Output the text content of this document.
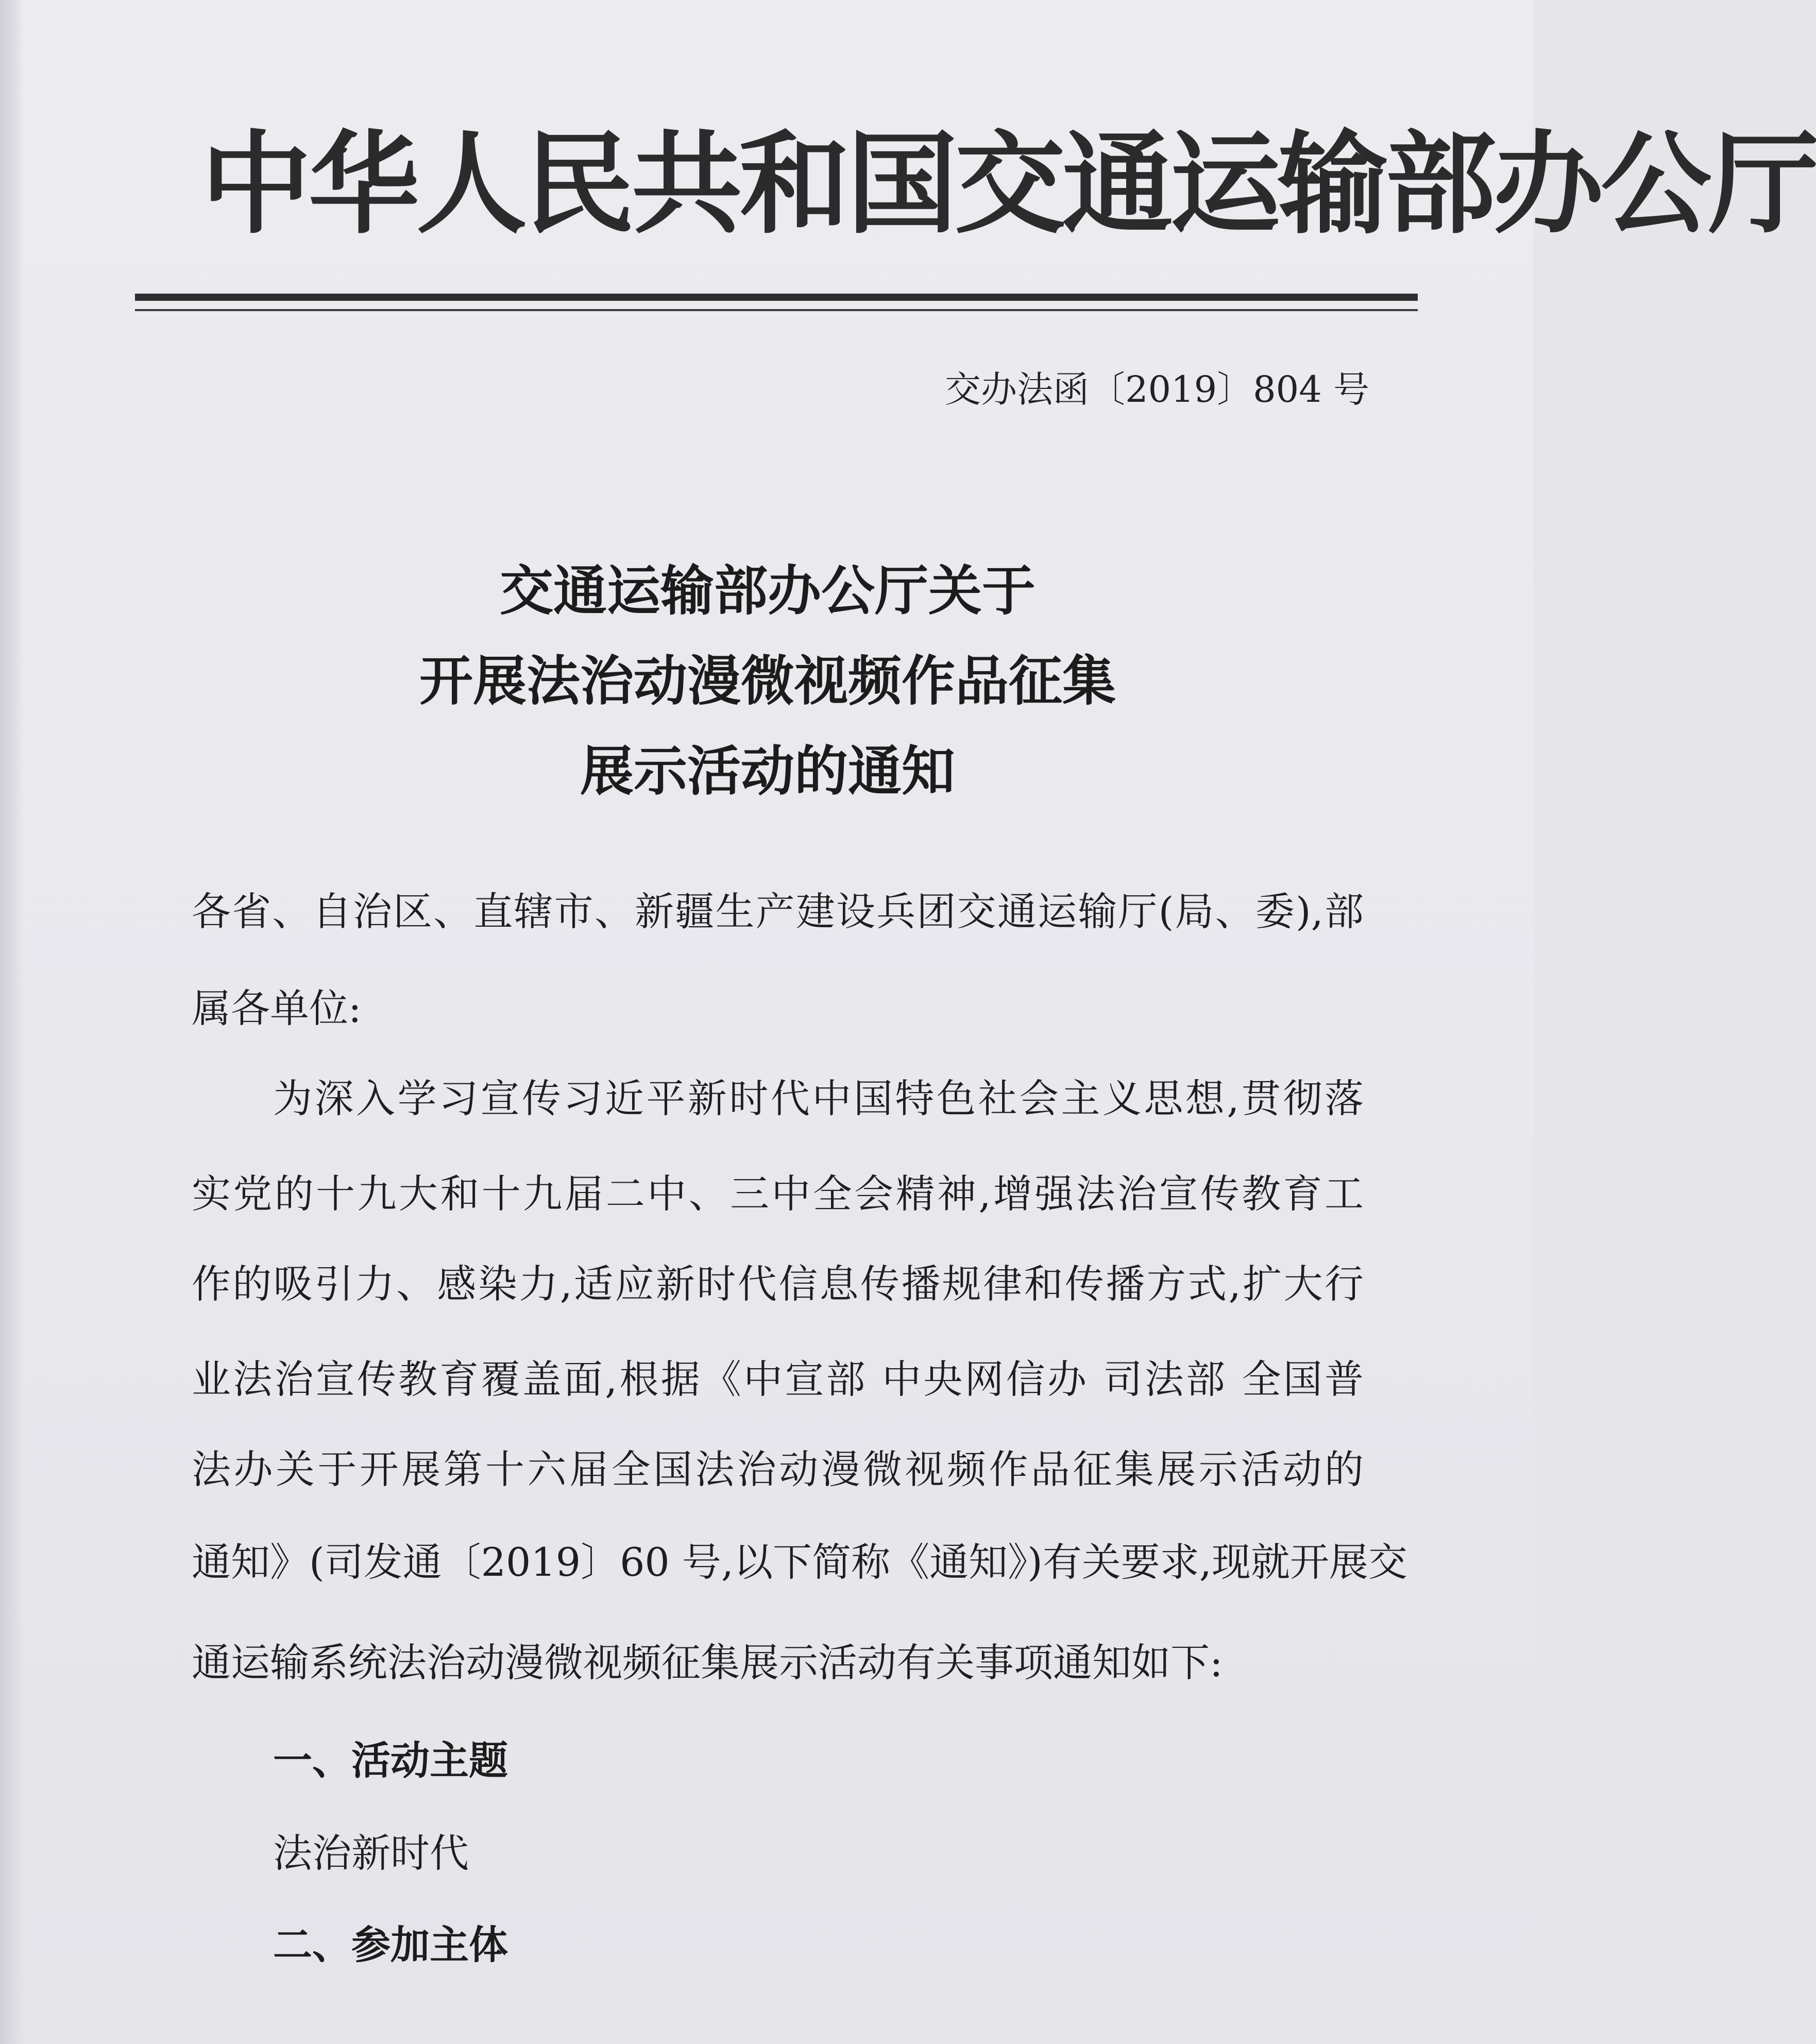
中华人民共和国交通运输部办公厅
交办法函〔2019〕804 号
交通运输部办公厅关于
开展法治动漫微视频作品征集
展示活动的通知
各省、自治区、直辖市、新疆生产建设兵团交通运输厅(局、委),部
属各单位:
为深入学习宣传习近平新时代中国特色社会主义思想,贯彻落
实党的十九大和十九届二中、三中全会精神,增强法治宣传教育工
作的吸引力、感染力,适应新时代信息传播规律和传播方式,扩大行
业法治宣传教育覆盖面,根据《中宣部 中央网信办 司法部 全国普
法办关于开展第十六届全国法治动漫微视频作品征集展示活动的
通知》(司发通〔2019〕60 号,以下简称《通知》)有关要求,现就开展交
通运输系统法治动漫微视频征集展示活动有关事项通知如下:
一、活动主题
法治新时代
二、参加主体
